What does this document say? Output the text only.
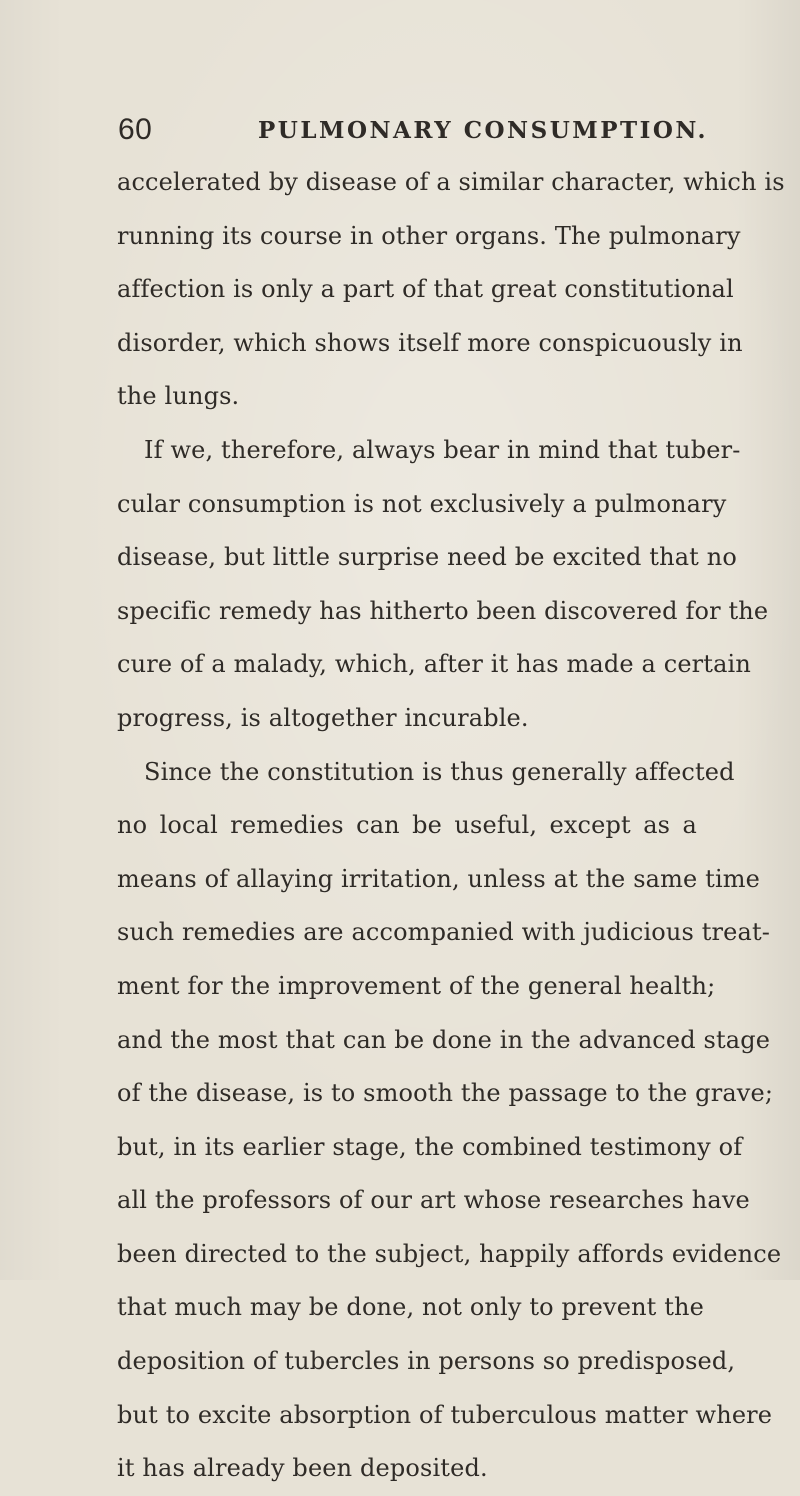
60	PULMONARY CONSUMPTION.
accelerated by disease of a similar character, which is
running its course in other organs. The pulmonary
affection is only a part of that great constitutional
disorder, which shows itself more conspicuously in
the lungs.
If we, therefore, always bear in mind that tuber-
cular consumption is not exclusively a pulmonary
disease, but little surprise need be excited that no
specific remedy has hitherto been discovered for the
cure of a malady, which, after it has made a certain
progress, is altogether incurable.
Since the constitution is thus generally affected
no local remedies can be useful, except as a
means of allaying irritation, unless at the same time
such remedies are accompanied with judicious treat-
ment for the improvement of the general health;
and the most that can be done in the advanced stage
of the disease, is to smooth the passage to the grave;
but, in its earlier stage, the combined testimony of
all the professors of our art whose researches have
been directed to the subject, happily affords evidence
that much may be done, not only to prevent the
deposition of tubercles in persons so predisposed,
but to excite absorption of tuberculous matter where
it has already been deposited.
